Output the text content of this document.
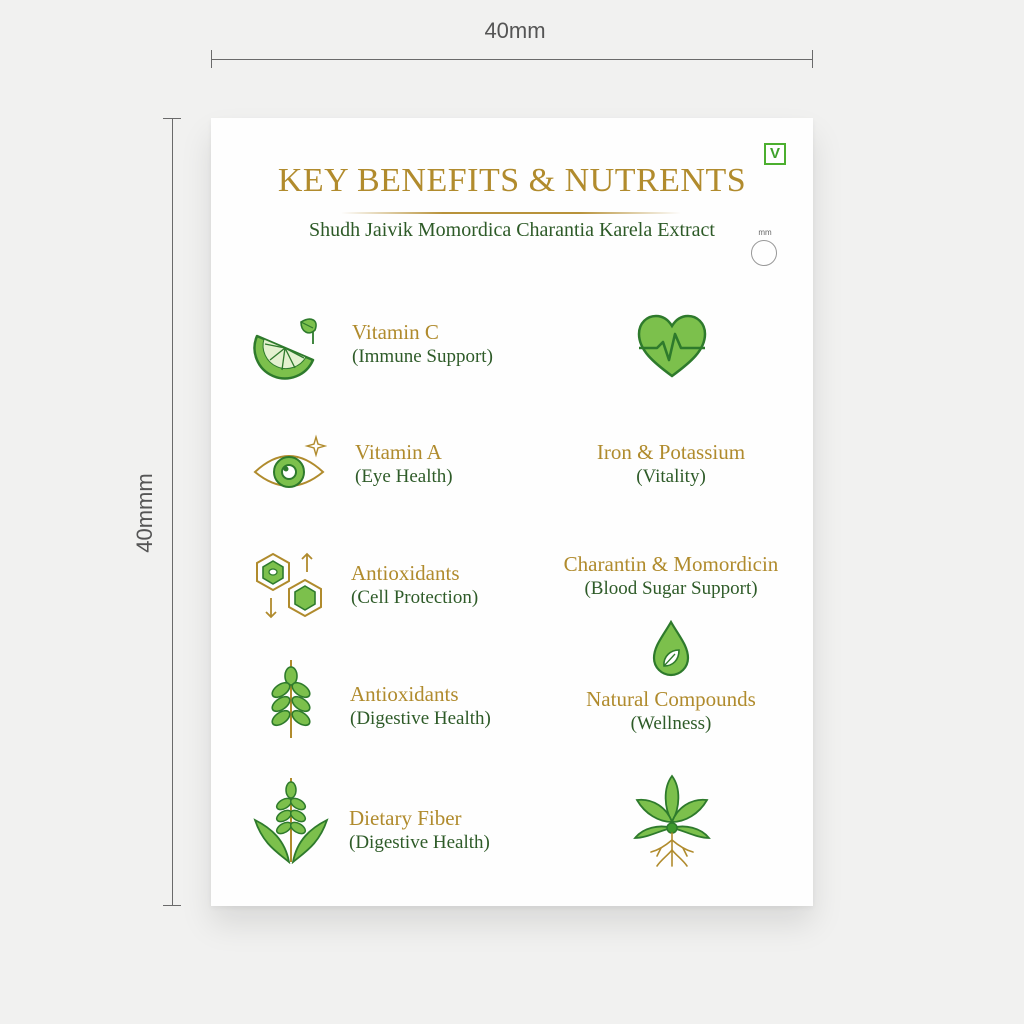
40mm
40mmm
V
mm
KEY BENEFITS & NUTRENTS
Shudh Jaivik Momordica Charantia Karela Extract
Vitamin C
(Immune Support)
Vitamin A
(Eye Health)
Iron & Potassium
(Vitality)
Antioxidants
(Cell Protection)
Charantin & Momordicin
(Blood Sugar Support)
Antioxidants
(Digestive Health)
Natural Compounds
(Wellness)
Dietary Fiber
(Digestive Health)
